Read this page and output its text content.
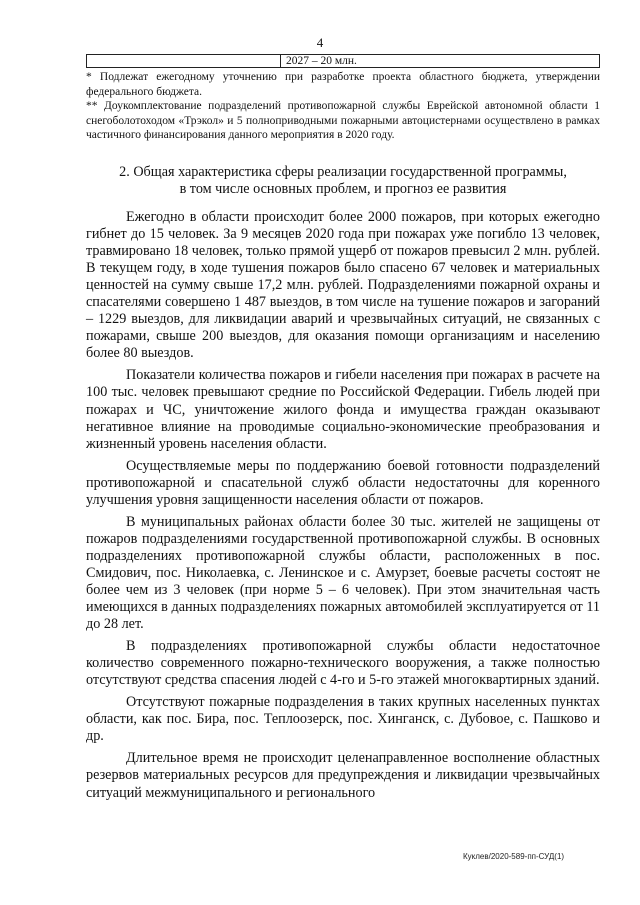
4
2027 – 20 млн.

* Подлежат ежегодному уточнению при разработке проекта областного бюджета, утверждении федерального бюджета.

** Доукомплектование подразделений противопожарной службы Еврейской автономной области 1 снегоболотоходом «Трэкол» и 5 полноприводными пожарными автоцистернами осуществлено в рамках частичного финансирования данного мероприятия в 2020 году.

2. Общая характеристика сферы реализации государственной программы,

в том числе основных проблем, и прогноз ее развития

Ежегодно в области происходит более 2000 пожаров, при которых ежегодно гибнет до 15 человек. За 9 месяцев 2020 года при пожарах уже погибло 13 человек, травмировано 18 человек, только прямой ущерб от пожаров превысил 2 млн. рублей. В текущем году, в ходе тушения пожаров было спасено 67 человек и материальных ценностей на сумму свыше 17,2 млн. рублей. Подразделениями пожарной охраны и спасателями совершено 1 487 выездов, в том числе на тушение пожаров и загораний – 1229 выездов, для ликвидации аварий и чрезвычайных ситуаций, не связанных с пожарами, свыше 200 выездов, для оказания помощи организациям и населению более 80 выездов.

Показатели количества пожаров и гибели населения при пожарах в расчете на 100 тыс. человек превышают средние по Российской Федерации. Гибель людей при пожарах и ЧС, уничтожение жилого фонда и имущества граждан оказывают негативное влияние на проводимые социально-экономические преобразования и жизненный уровень населения области.

Осуществляемые меры по поддержанию боевой готовности подразделений противопожарной и спасательной служб области недостаточны для коренного улучшения уровня защищенности населения области от пожаров.

В муниципальных районах области более 30 тыс. жителей не защищены от пожаров подразделениями государственной противопожарной службы. В основных подразделениях противопожарной службы области, расположенных в пос. Смидович, пос. Николаевка, с. Ленинское и с. Амурзет, боевые расчеты состоят не более чем из 3 человек (при норме 5 – 6 человек). При этом значительная часть имеющихся в данных подразделениях пожарных автомобилей эксплуатируется от 11 до 28 лет.

В подразделениях противопожарной службы области недостаточное количество современного пожарно-технического вооружения, а также полностью отсутствуют средства спасения людей с 4-го и 5-го этажей многоквартирных зданий.

Отсутствуют пожарные подразделения в таких крупных населенных пунктах области, как пос. Бира, пос. Теплоозерск, пос. Хинганск, с. Дубовое, с. Пашково и др.

Длительное время не происходит целенаправленное восполнение областных резервов материальных ресурсов для предупреждения и ликвидации чрезвычайных ситуаций межмуниципального и регионального

Куклев/2020-589-пп-СУД(1)
